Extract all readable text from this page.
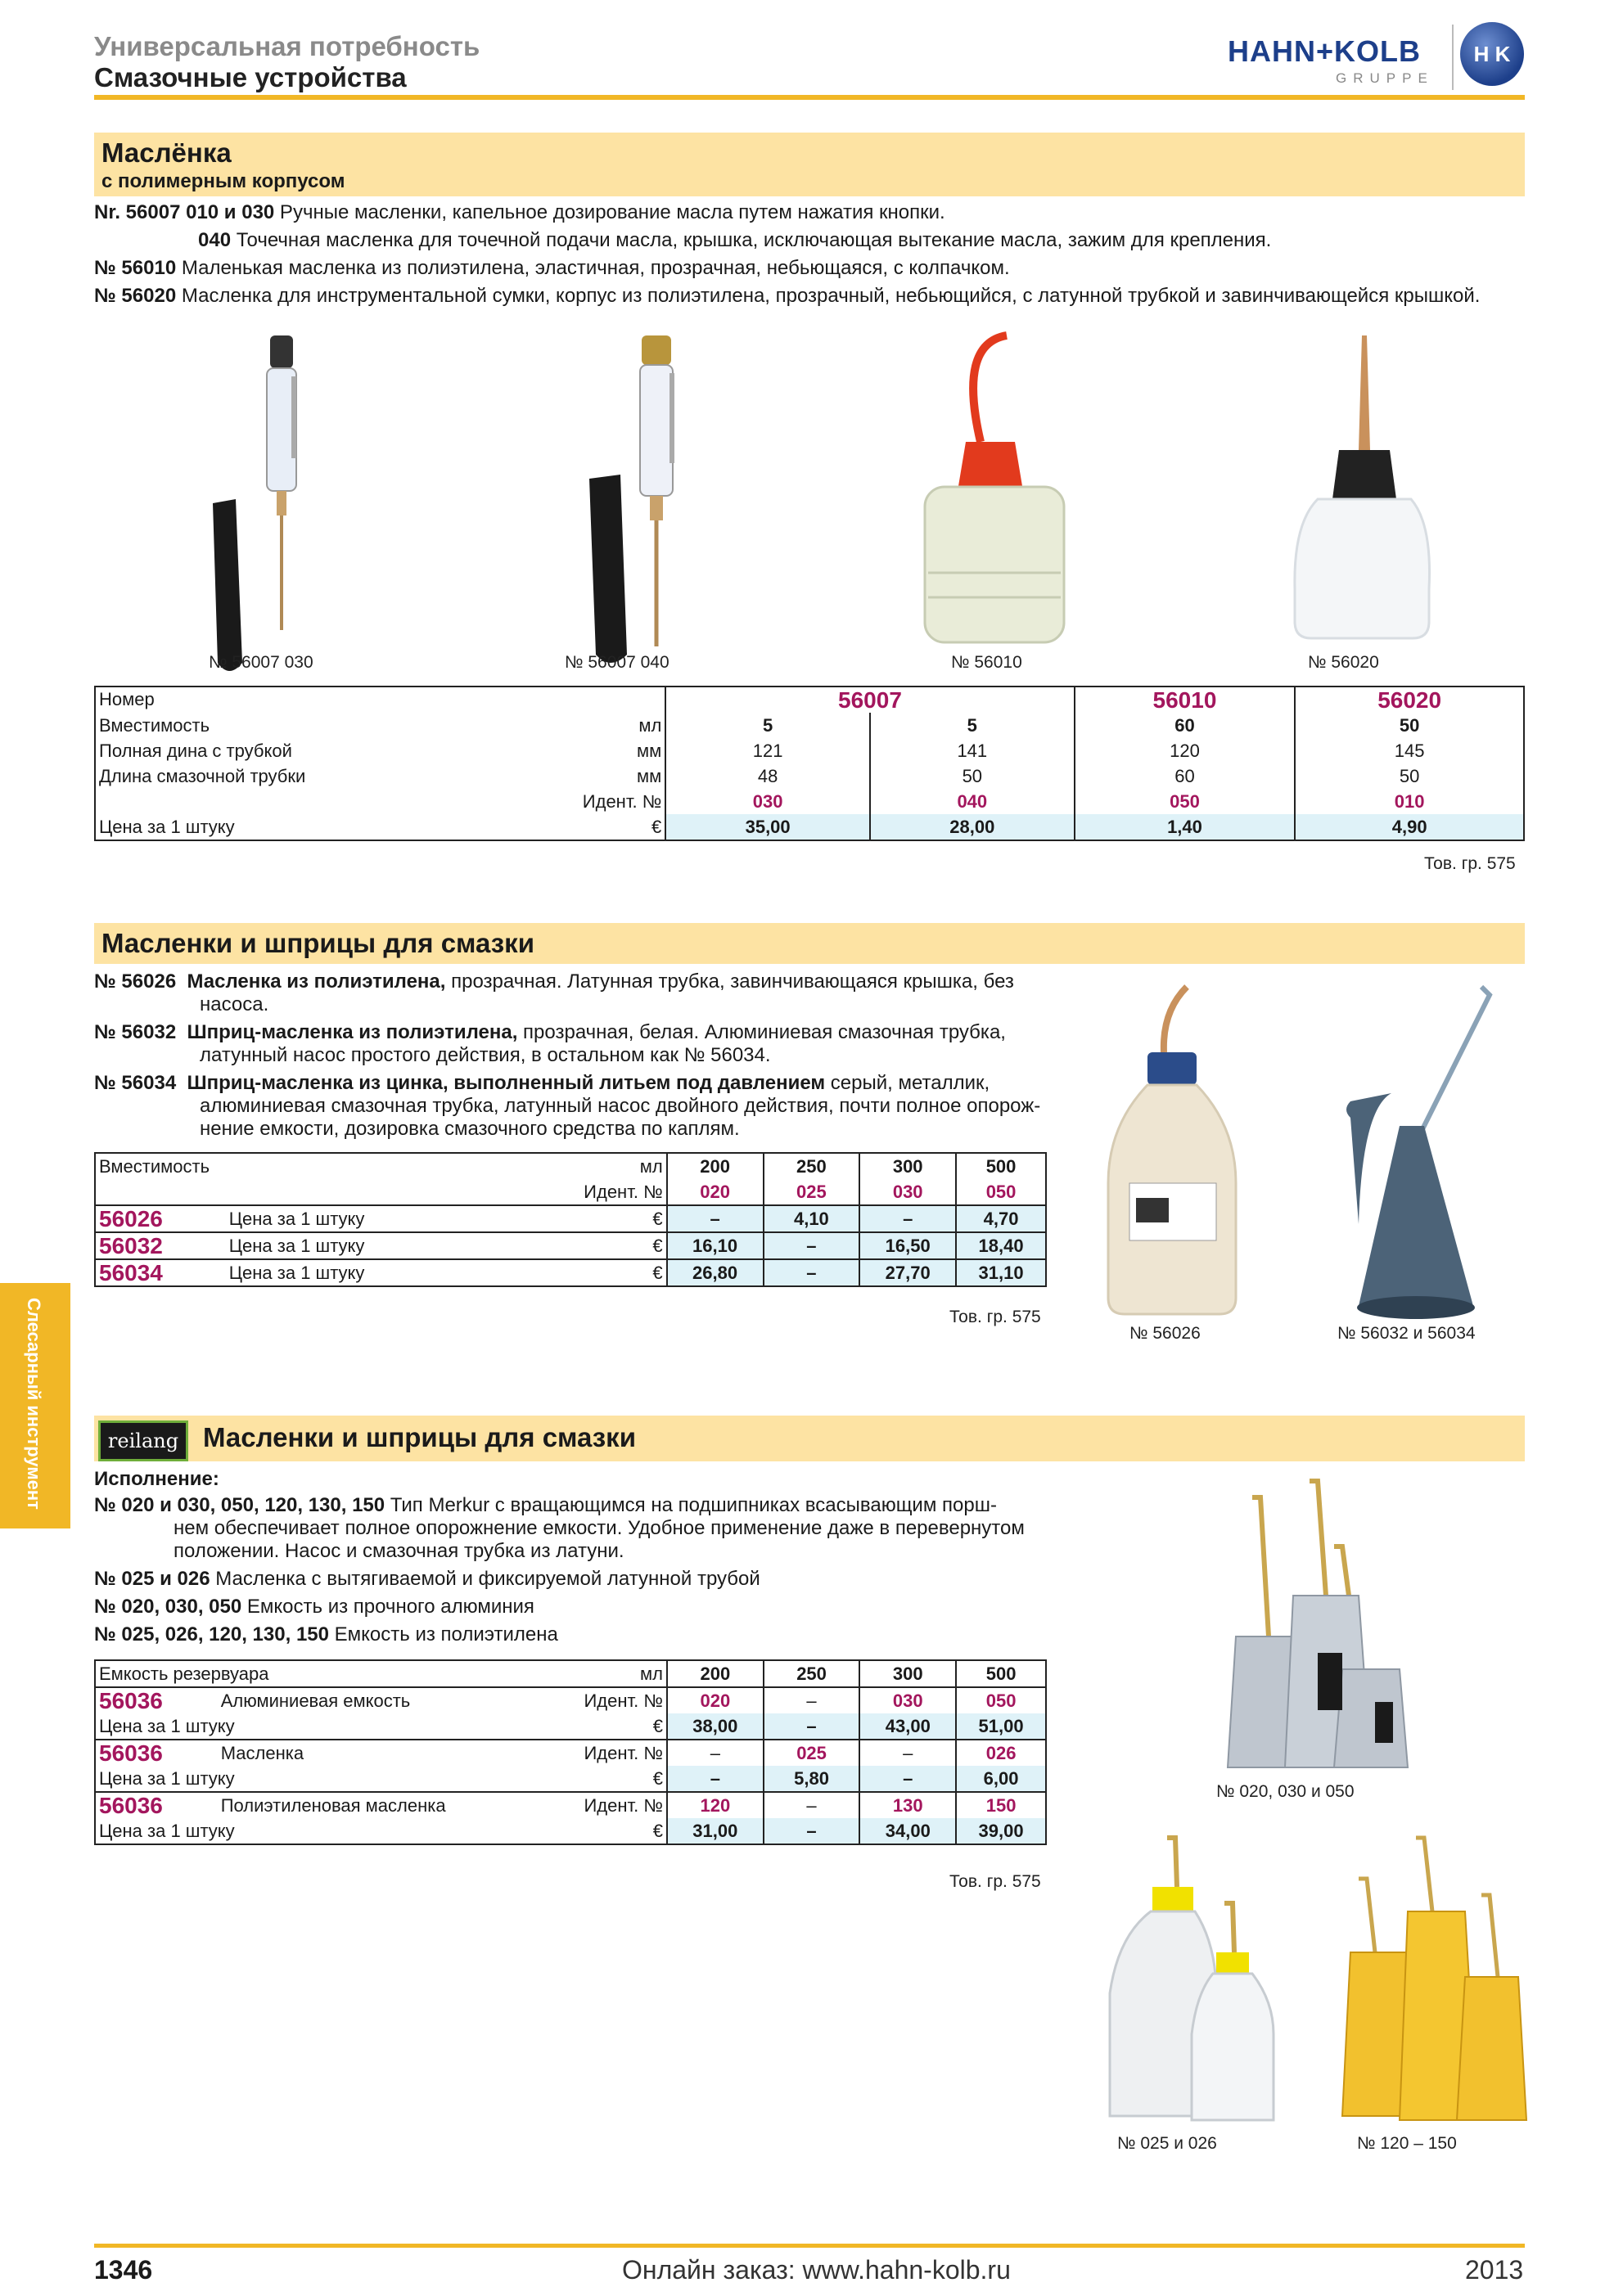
Универсальная потребность
Смазочные устройства
HAHN+KOLB
GRUPPE
H K
Слесарный инструмент
Маслёнка
с полимерным корпусом
Nr. 56007 010 и 030 Ручные масленки, капельное дозирование масла путем нажатия кнопки.
040 Точечная масленка для точечной подачи масла, крышка, исключающая вытекание масла, зажим для крепления.
№ 56010 Маленькая масленка из полиэтилена, эластичная, прозрачная, небьющаяся, с колпачком.
№ 56020 Масленка для инструментальной сумки, корпус из полиэтилена, прозрачный, небьющийся, с латунной трубкой и завинчивающейся крышкой.
№ 56007 030	№ 56007 040	№ 56010	№ 56020
Номер		56007		56010	56020
Вместимость	мл	5	5	60	50
Полная дина с трубкой	мм	121	141	120	145
Длина смазочной трубки	мм	48	50	60	50
Идент. №		030	040	050	010
Цена за 1 штуку	€	35,00	28,00	1,40	4,90
Тов. гр. 575
Масленки и шприцы для смазки
№ 56026 Масленка из полиэтилена, прозрачная. Латунная трубка, завинчивающаяся крышка, без
насоса.
№ 56032 Шприц-масленка из полиэтилена, прозрачная, белая. Алюминиевая смазочная трубка,
латунный насос простого действия, в остальном как № 56034.
№ 56034 Шприц-масленка из цинка, выполненный литьем под давлением серый, металлик,
алюминиевая смазочная трубка, латунный насос двойного действия, почти полное опорож-
нение емкости, дозировка смазочного средства по каплям.
Вместимость		мл	200	250	300	500
Идент. №			020	025	030	050
56026	Цена за 1 штуку	€	–	4,10	–	4,70
56032	Цена за 1 штуку	€	16,10	–	16,50	18,40
56034	Цена за 1 штуку	€	26,80	–	27,70	31,10
Тов. гр. 575
№ 56026	№ 56032 и 56034
reilang Масленки и шприцы для смазки
Исполнение:
№ 020 и 030, 050, 120, 130, 150 Тип Merkur с вращающимся на подшипниках всасывающим порш-
нем обеспечивает полное опорожнение емкости. Удобное применение даже в перевернутом
положении. Насос и смазочная трубка из латуни.
№ 025 и 026 Масленка с вытягиваемой и фиксируемой латунной трубой
№ 020, 030, 050 Емкость из прочного алюминия
№ 025, 026, 120, 130, 150 Емкость из полиэтилена
Емкость резервуара		мл	200	250	300	500
56036	Алюминиевая емкость	Идент. №	020	–	030	050
Цена за 1 штуку		€	38,00	–	43,00	51,00
56036	Масленка	Идент. №	–	025	–	026
Цена за 1 штуку		€	–	5,80	–	6,00
56036	Полиэтиленовая масленка	Идент. №	120	–	130	150
Цена за 1 штуку		€	31,00	–	34,00	39,00
Тов. гр. 575
№ 020, 030 и 050
№ 025 и 026	№ 120 – 150
1346	Онлайн заказ: www.hahn-kolb.ru	2013
